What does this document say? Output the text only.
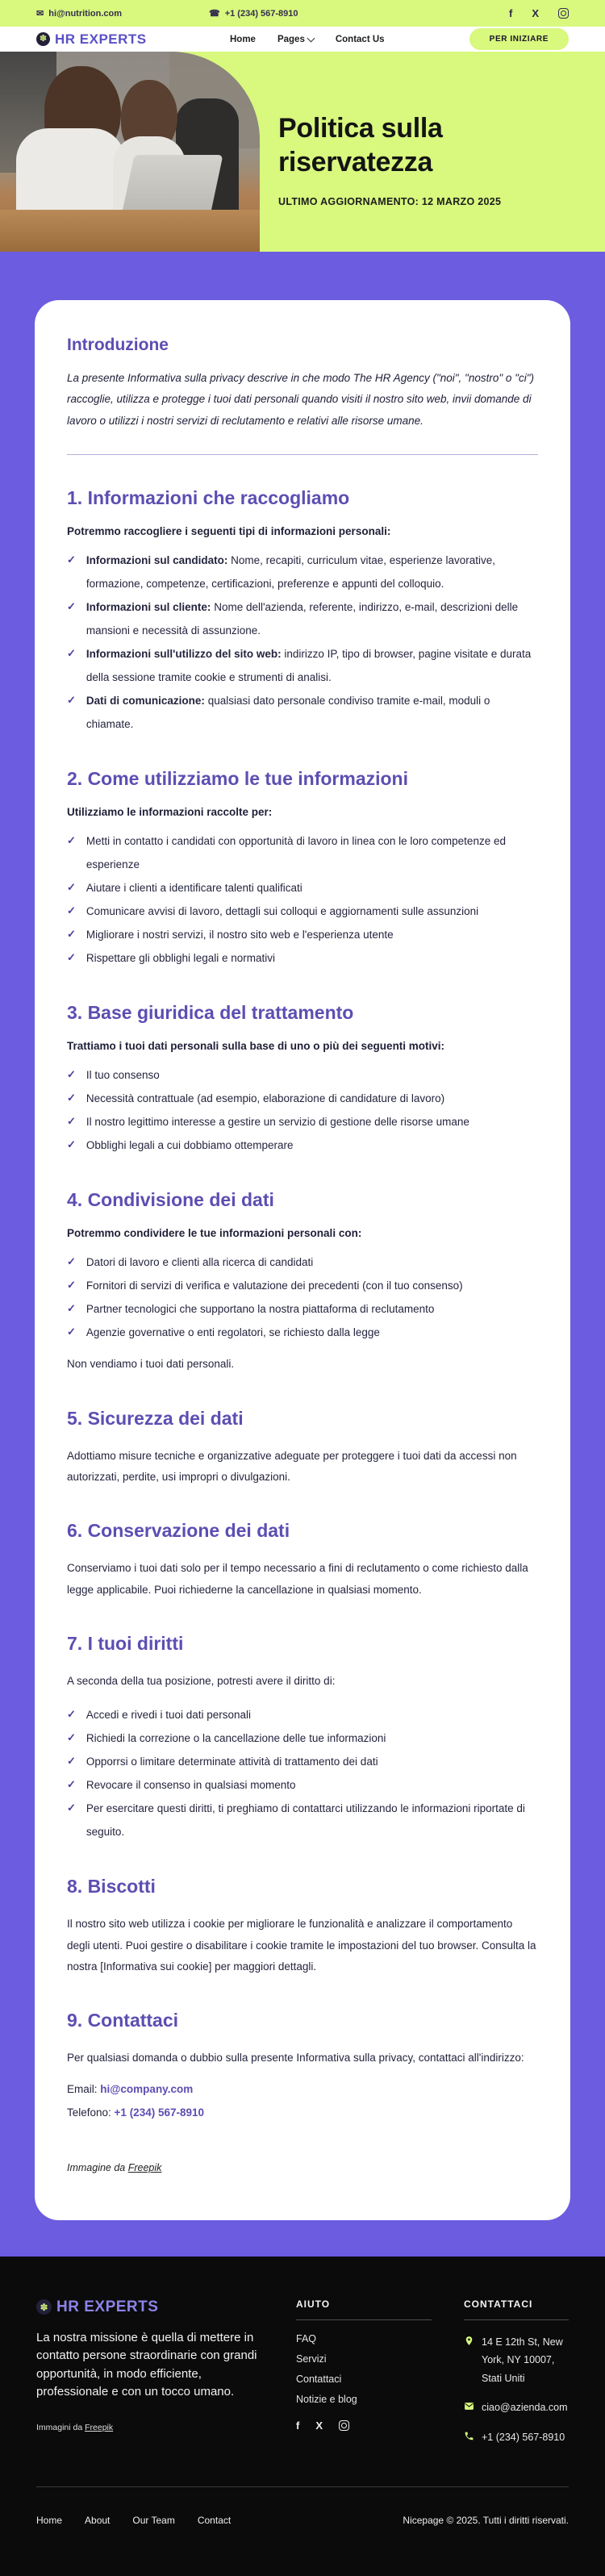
✉ hi@nutrition.com	☎ +1 (234) 567-8910	f X
✽ HR EXPERTS	Home Pages	Contact Us	PER INIZIARE
Politica sulla
riservatezza
ULTIMO AGGIORNAMENTO: 12 MARZO 2025
Introduzione

La presente Informativa sulla privacy descrive in che modo The HR Agency ("noi", "nostro" o "ci") raccoglie, utilizza e protegge i tuoi dati personali quando visiti il nostro sito web, invii domande di lavoro o utilizzi i nostri servizi di reclutamento e relativi alle risorse umane.

1. Informazioni che raccogliamo

Potremmo raccogliere i seguenti tipi di informazioni personali:

✓ Informazioni sul candidato: Nome, recapiti, curriculum vitae, esperienze lavorative, formazione, competenze, certificazioni, preferenze e appunti del colloquio.
✓ Informazioni sul cliente: Nome dell'azienda, referente, indirizzo, e-mail, descrizioni delle mansioni e necessità di assunzione.
✓ Informazioni sull'utilizzo del sito web: indirizzo IP, tipo di browser, pagine visitate e durata della sessione tramite cookie e strumenti di analisi.
✓ Dati di comunicazione: qualsiasi dato personale condiviso tramite e-mail, moduli o chiamate.
2. Come utilizziamo le tue informazioni

Utilizziamo le informazioni raccolte per:

✓ Metti in contatto i candidati con opportunità di lavoro in linea con le loro competenze ed esperienze
✓ Aiutare i clienti a identificare talenti qualificati
✓ Comunicare avvisi di lavoro, dettagli sui colloqui e aggiornamenti sulle assunzioni
✓ Migliorare i nostri servizi, il nostro sito web e l'esperienza utente
✓ Rispettare gli obblighi legali e normativi
3. Base giuridica del trattamento

Trattiamo i tuoi dati personali sulla base di uno o più dei seguenti motivi:

✓ Il tuo consenso
✓ Necessità contrattuale (ad esempio, elaborazione di candidature di lavoro)
✓ Il nostro legittimo interesse a gestire un servizio di gestione delle risorse umane
✓ Obblighi legali a cui dobbiamo ottemperare
4. Condivisione dei dati

Potremmo condividere le tue informazioni personali con:

✓ Datori di lavoro e clienti alla ricerca di candidati
✓ Fornitori di servizi di verifica e valutazione dei precedenti (con il tuo consenso)
✓ Partner tecnologici che supportano la nostra piattaforma di reclutamento
✓ Agenzie governative o enti regolatori, se richiesto dalla legge

Non vendiamo i tuoi dati personali.

5. Sicurezza dei dati

Adottiamo misure tecniche e organizzative adeguate per proteggere i tuoi dati da accessi non autorizzati, perdite, usi impropri o divulgazioni.

6. Conservazione dei dati

Conserviamo i tuoi dati solo per il tempo necessario a fini di reclutamento o come richiesto dalla legge applicabile. Puoi richiederne la cancellazione in qualsiasi momento.

7. I tuoi diritti

A seconda della tua posizione, potresti avere il diritto di:

✓ Accedi e rivedi i tuoi dati personali
✓ Richiedi la correzione o la cancellazione delle tue informazioni
✓ Opporrsi o limitare determinate attività di trattamento dei dati
✓ Revocare il consenso in qualsiasi momento
✓ Per esercitare questi diritti, ti preghiamo di contattarci utilizzando le informazioni riportate di seguito.
8. Biscotti

Il nostro sito web utilizza i cookie per migliorare le funzionalità e analizzare il comportamento degli utenti. Puoi gestire o disabilitare i cookie tramite le impostazioni del tuo browser. Consulta la nostra [Informativa sui cookie] per maggiori dettagli.

9. Contattaci

Per qualsiasi domanda o dubbio sulla presente Informativa sulla privacy, contattaci all'indirizzo:

Email: hi@company.com

Telefono: +1 (234) 567-8910

Immagine da Freepik

✽ HR EXPERTS

La nostra missione è quella di mettere in contatto persone straordinarie con grandi opportunità, in modo efficiente, professionale e con un tocco umano.

Immagini da Freepik

AIUTO
FAQ
Servizi
Contattaci
Notizie e blog
f X
CONTATTACI
14 E 12th St, New York, NY 10007, Stati Uniti
ciao@azienda.com
+1 (234) 567-8910
Home About Our Team Contact	Nicepage © 2025. Tutti i diritti riservati.
